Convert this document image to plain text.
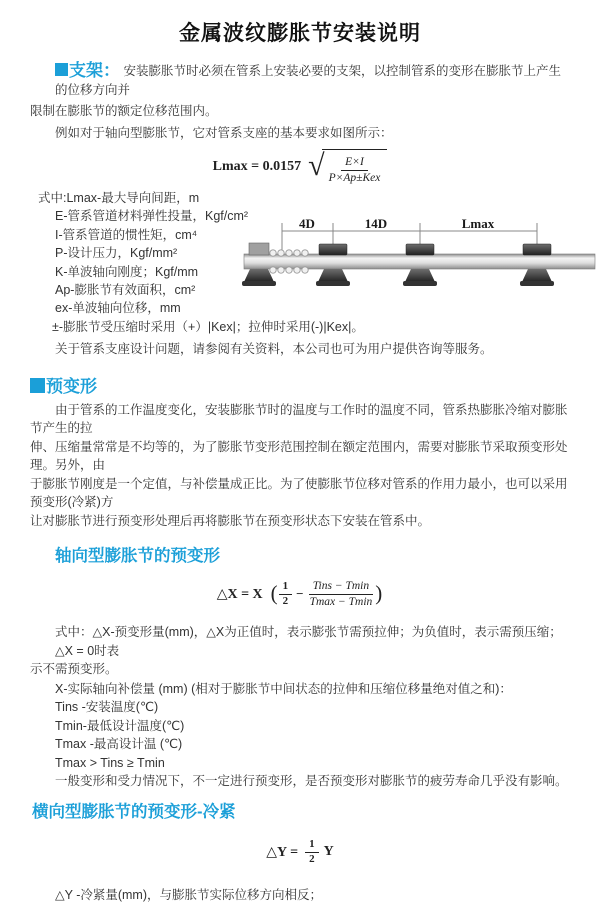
金属波纹膨胀节安装说明
支架： 安装膨胀节时必须在管系上安装必要的支架，以控制管系的变形在膨胀节上产生的位移方向并
限制在膨胀节的额定位移范围内。
例如对于轴向型膨胀节，它对管系支座的基本要求如图所示：
Lmax = 0.0157 √ $\frac{E\times I}{\text{P×Ap±Kex}}$
式中:Lmax-最大导向间距，m
E-管系管道材料弹性投量，Kgf/cm²
I-管系管道的惯性矩，cm⁴
P-设计压力，Kgf/mm²
K-单波轴向刚度；Kgf/mm
Ap-膨胀节有效面积，cm²
ex-单波轴向位移，mm
±-膨胀节受压缩时采用（+）|Kex|；拉伸时采用(-)|Kex|。
4D	14D	Lmax
关于管系支座设计问题，请参阅有关资料，本公司也可为用户提供咨询等服务。
预变形
由于管系的工作温度变化，安装膨胀节时的温度与工作时的温度不同，管系热膨胀冷缩对膨胀节产生的拉
伸、压缩量常常是不均等的，为了膨胀节变形范围控制在额定范围内，需要对膨胀节采取预变形处理。另外，由
于膨胀节刚度是一个定值，与补偿量成正比。为了使膨胀节位移对管系的作用力最小，也可以采用预变形(冷紧)方
让对膨胀节进行预变形处理后再将膨胀节在预变形状态下安装在管系中。
轴向型膨胀节的预变形
△X = X ( $\frac{1}{2} - \frac{\text{Tins − Tmin}}{Tmax - Tmin}$ )
式中：△X-预变形量(mm)，△X为正值时，表示膨张节需预拉伸；为负值时，表示需预压缩；△X = 0时表
示不需预变形。
X-实际轴向补偿量 (mm) (相对于膨胀节中间状态的拉伸和压缩位移量绝对值之和)：
Tins -安装温度(℃)
Tmin-最低设计温度(℃)
Tmax -最高设计温 (℃)
Tmax > Tins ≥ Tmin
一般变形和受力情况下，不一定进行预变形，是否预变形对膨胀节的疲劳寿命几乎没有影响。
横向型膨胀节的预变形-冷紧
△Y = $\frac{1}{2}$ Y
△Y -冷紧量(mm)，与膨胀节实际位移方向相反；
